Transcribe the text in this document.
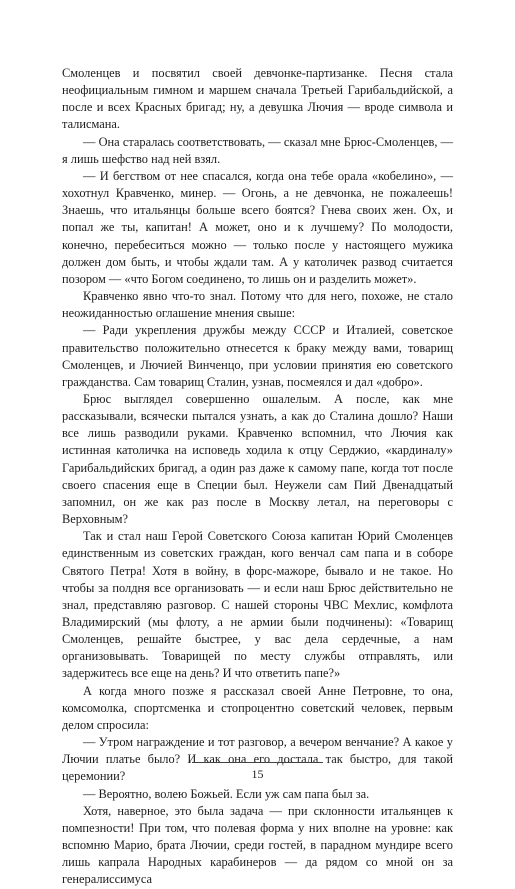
Смоленцев и посвятил своей девчонке-партизанке. Песня стала неофициальным гимном и маршем сначала Третьей Гарибальдийской, а после и всех Красных бригад; ну, а девушка Лючия — вроде символа и талисмана.

— Она старалась соответствовать, — сказал мне Брюс-Смоленцев, — я лишь шефство над ней взял.

— И бегством от нее спасался, когда она тебе орала «кобелино», — хохотнул Кравченко, минер. — Огонь, а не девчонка, не пожалеешь! Знаешь, что итальянцы больше всего боятся? Гнева своих жен. Ох, и попал же ты, капитан! А может, оно и к лучшему? По молодости, конечно, перебеситься можно — только после у настоящего мужика должен дом быть, и чтобы ждали там. А у католичек развод считается позором — «что Богом соединено, то лишь он и разделить может».

Кравченко явно что-то знал. Потому что для него, похоже, не стало неожиданностью оглашение мнения свыше:

— Ради укрепления дружбы между СССР и Италией, советское правительство положительно отнесется к браку между вами, товарищ Смоленцев, и Лючией Винченцо, при условии принятия ею советского гражданства. Сам товарищ Сталин, узнав, посмеялся и дал «добро».

Брюс выглядел совершенно ошалелым. А после, как мне рассказывали, всячески пытался узнать, а как до Сталина дошло? Наши все лишь разводили руками. Кравченко вспомнил, что Лючия как истинная католичка на исповедь ходила к отцу Серджио, «кардиналу» Гарибальдийских бригад, а один раз даже к самому папе, когда тот после своего спасения еще в Специи был. Неужели сам Пий Двенадцатый запомнил, он же как раз после в Москву летал, на переговоры с Верховным?

Так и стал наш Герой Советского Союза капитан Юрий Смоленцев единственным из советских граждан, кого венчал сам папа и в соборе Святого Петра! Хотя в войну, в форс-мажоре, бывало и не такое. Но чтобы за полдня все организовать — и если наш Брюс действительно не знал, представляю разговор. С нашей стороны ЧВС Мехлис, комфлота Владимирский (мы флоту, а не армии были подчинены): «Товарищ Смоленцев, решайте быстрее, у вас дела сердечные, а нам организовывать. Товарищей по месту службы отправлять, или задержитесь все еще на день? И что ответить папе?»

А когда много позже я рассказал своей Анне Петровне, то она, комсомолка, спортсменка и стопроцентно советский человек, первым делом спросила:

— Утром награждение и тот разговор, а вечером венчание? А какое у Лючии платье было? И как она его достала так быстро, для такой церемонии?

— Вероятно, волею Божьей. Если уж сам папа был за.

Хотя, наверное, это была задача — при склонности итальянцев к помпезности! При том, что полевая форма у них вполне на уровне: как вспомню Марио, брата Лючии, среди гостей, в парадном мундире всего лишь капрала Народных карабинеров — да рядом со мной он за генералиссимуса

15
